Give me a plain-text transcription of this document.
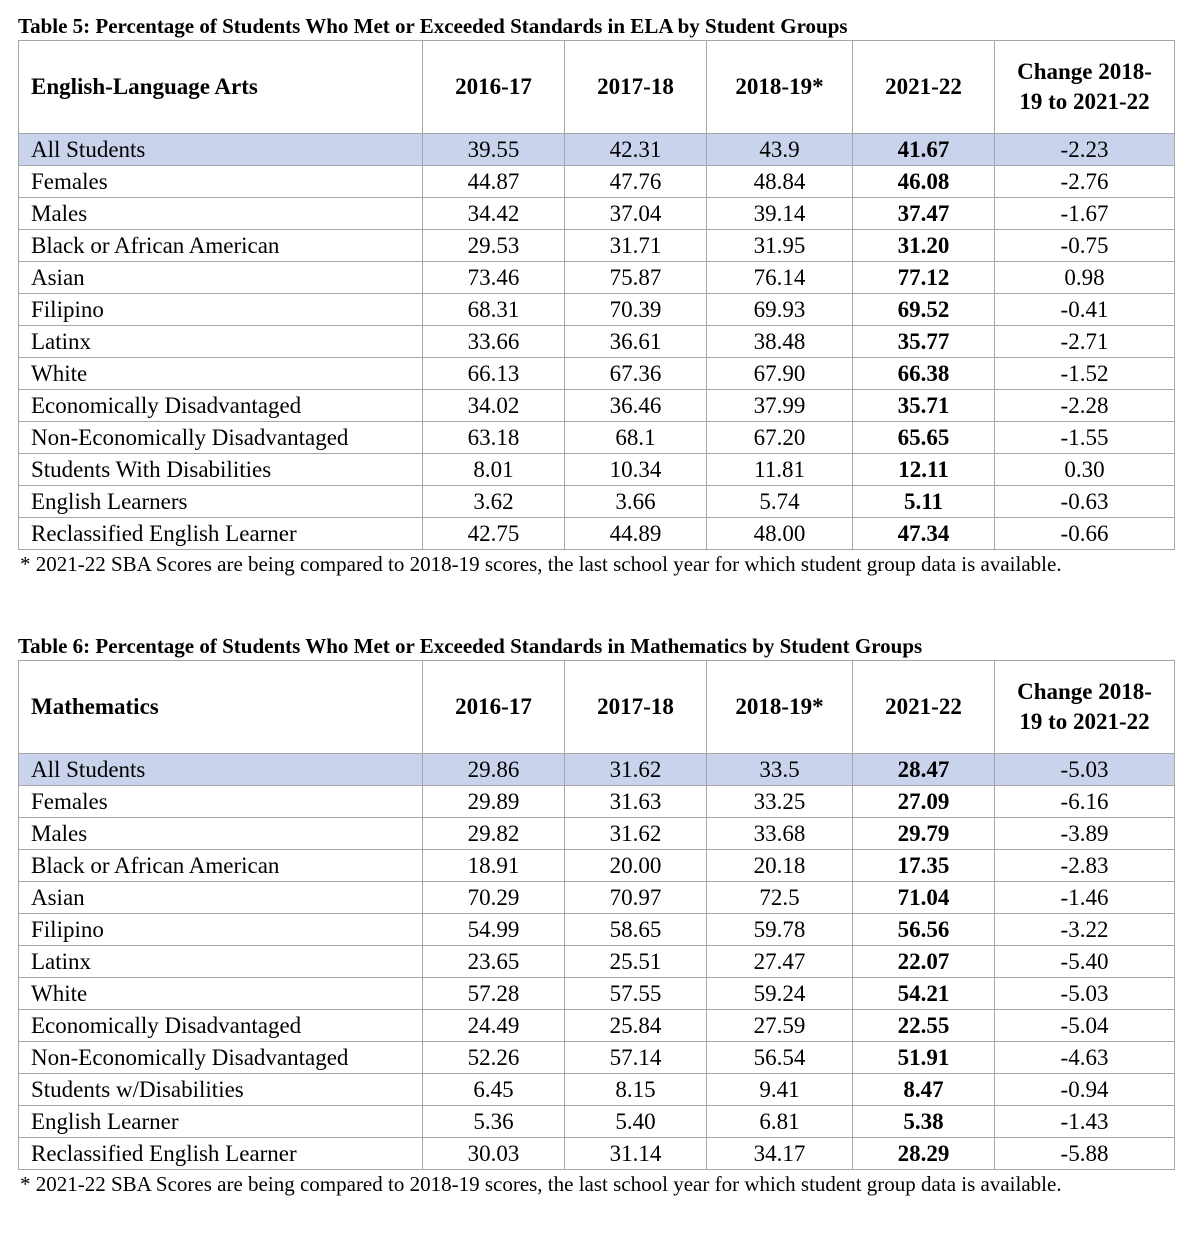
Table 5: Percentage of Students Who Met or Exceeded Standards in ELA by Student Groups
English-Language Arts	2016-17	2017-18	2018-19*	2021-22	Change 2018-19 to 2021-22
All Students	39.55	42.31	43.9	41.67	-2.23
Females	44.87	47.76	48.84	46.08	-2.76
Males	34.42	37.04	39.14	37.47	-1.67
Black or African American	29.53	31.71	31.95	31.20	-0.75
Asian	73.46	75.87	76.14	77.12	0.98
Filipino	68.31	70.39	69.93	69.52	-0.41
Latinx	33.66	36.61	38.48	35.77	-2.71
White	66.13	67.36	67.90	66.38	-1.52
Economically Disadvantaged	34.02	36.46	37.99	35.71	-2.28
Non-Economically Disadvantaged	63.18	68.1	67.20	65.65	-1.55
Students With Disabilities	8.01	10.34	11.81	12.11	0.30
English Learners	3.62	3.66	5.74	5.11	-0.63
Reclassified English Learner	42.75	44.89	48.00	47.34	-0.66
* 2021-22 SBA Scores are being compared to 2018-19 scores, the last school year for which student group data is available.
Table 6: Percentage of Students Who Met or Exceeded Standards in Mathematics by Student Groups
Mathematics	2016-17	2017-18	2018-19*	2021-22	Change 2018-19 to 2021-22
All Students	29.86	31.62	33.5	28.47	-5.03
Females	29.89	31.63	33.25	27.09	-6.16
Males	29.82	31.62	33.68	29.79	-3.89
Black or African American	18.91	20.00	20.18	17.35	-2.83
Asian	70.29	70.97	72.5	71.04	-1.46
Filipino	54.99	58.65	59.78	56.56	-3.22
Latinx	23.65	25.51	27.47	22.07	-5.40
White	57.28	57.55	59.24	54.21	-5.03
Economically Disadvantaged	24.49	25.84	27.59	22.55	-5.04
Non-Economically Disadvantaged	52.26	57.14	56.54	51.91	-4.63
Students w/Disabilities	6.45	8.15	9.41	8.47	-0.94
English Learner	5.36	5.40	6.81	5.38	-1.43
Reclassified English Learner	30.03	31.14	34.17	28.29	-5.88
* 2021-22 SBA Scores are being compared to 2018-19 scores, the last school year for which student group data is available.
